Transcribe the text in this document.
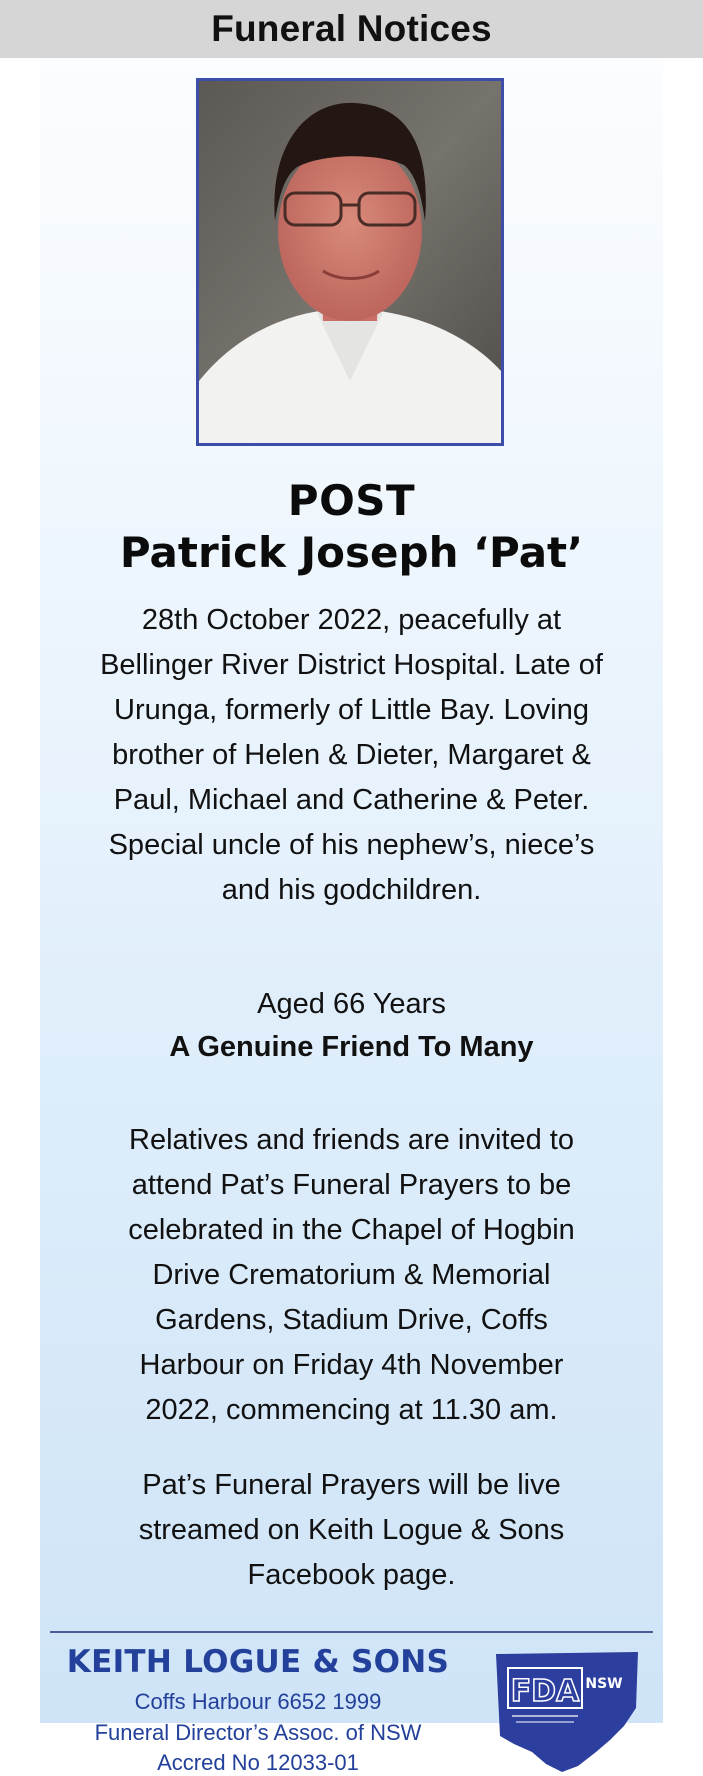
Funeral Notices
POST
Patrick Joseph ‘Pat’
28th October 2022, peacefully at
Bellinger River District Hospital. Late of
Urunga, formerly of Little Bay. Loving
brother of Helen & Dieter, Margaret &
Paul, Michael and Catherine & Peter.
Special uncle of his nephew’s, niece’s
and his godchildren.
Aged 66 Years
A Genuine Friend To Many
Relatives and friends are invited to
attend Pat’s Funeral Prayers to be
celebrated in the Chapel of Hogbin
Drive Crematorium & Memorial
Gardens, Stadium Drive, Coffs
Harbour on Friday 4th November
2022, commencing at 11.30 am.
Pat’s Funeral Prayers will be live
streamed on Keith Logue & Sons
Facebook page.
KEITH LOGUE & SONS
Coffs Harbour 6652 1999
Funeral Director’s Assoc. of NSW
Accred No 12033-01
FDA NSW
